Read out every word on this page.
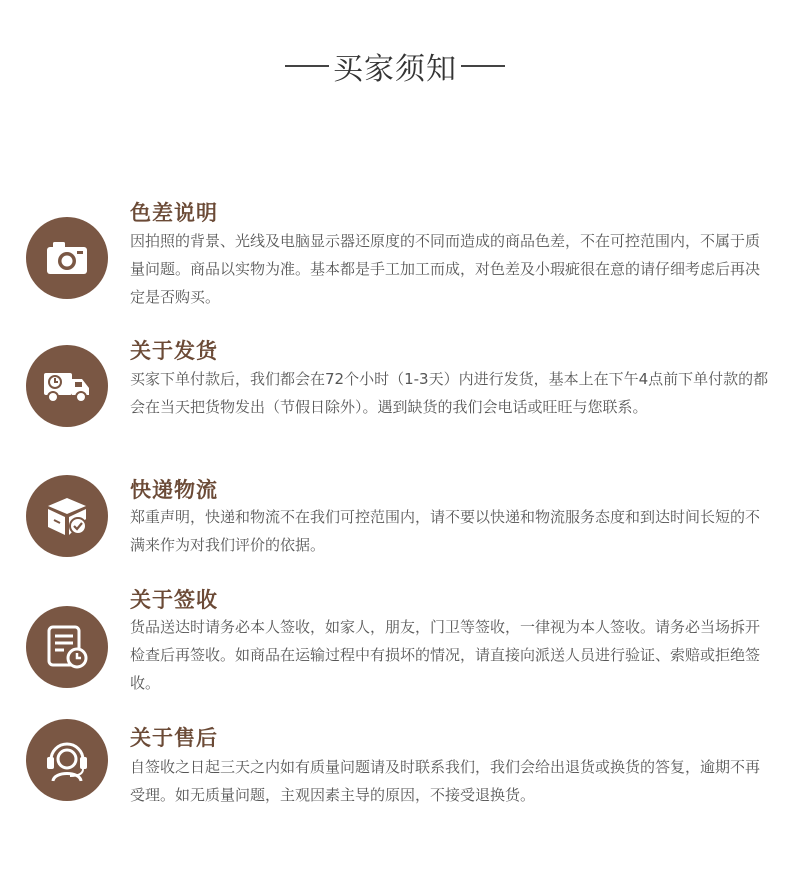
买家须知
色差说明
因拍照的背景、光线及电脑显示器还原度的不同而造成的商品色差，不在可控范围内，不属于质量问题。商品以实物为准。基本都是手工加工而成，对色差及小瑕疵很在意的请仔细考虑后再决定是否购买。
关于发货
买家下单付款后，我们都会在72个小时（1-3天）内进行发货，基本上在下午4点前下单付款的都会在当天把货物发出（节假日除外）。遇到缺货的我们会电话或旺旺与您联系。
快递物流
郑重声明，快递和物流不在我们可控范围内，请不要以快递和物流服务态度和到达时间长短的不满来作为对我们评价的依据。
关于签收
货品送达时请务必本人签收，如家人，朋友，门卫等签收，一律视为本人签收。请务必当场拆开检查后再签收。如商品在运输过程中有损坏的情况，请直接向派送人员进行验证、索赔或拒绝签收。
关于售后
自签收之日起三天之内如有质量问题请及时联系我们，我们会给出退货或换货的答复，逾期不再受理。如无质量问题，主观因素主导的原因，不接受退换货。
